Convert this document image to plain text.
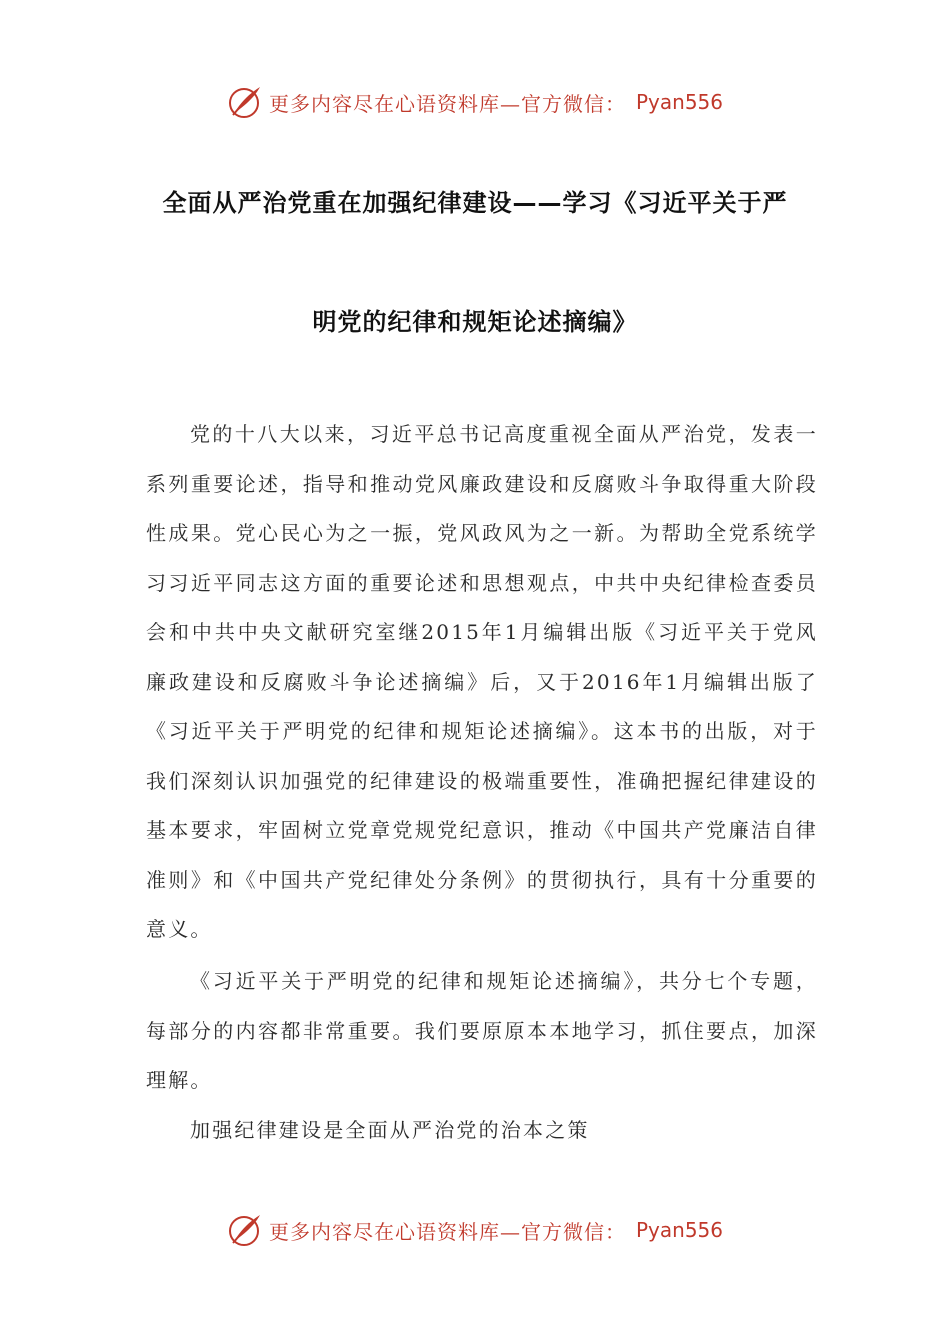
更多内容尽在心语资料库—官方微信： Pyan556
全面从严治党重在加强纪律建设——学习《习近平关于严
明党的纪律和规矩论述摘编》
党的十八大以来，习近平总书记高度重视全面从严治党，发表一系列重要论述，指导和推动党风廉政建设和反腐败斗争取得重大阶段性成果。党心民心为之一振，党风政风为之一新。为帮助全党系统学习习近平同志这方面的重要论述和思想观点，中共中央纪律检查委员会和中共中央文献研究室继2015年1月编辑出版《习近平关于党风廉政建设和反腐败斗争论述摘编》后，又于2016年1月编辑出版了《习近平关于严明党的纪律和规矩论述摘编》。这本书的出版，对于我们深刻认识加强党的纪律建设的极端重要性，准确把握纪律建设的基本要求，牢固树立党章党规党纪意识，推动《中国共产党廉洁自律准则》和《中国共产党纪律处分条例》的贯彻执行，具有十分重要的意义。
《习近平关于严明党的纪律和规矩论述摘编》，共分七个专题，每部分的内容都非常重要。我们要原原本本地学习，抓住要点，加深理解。
加强纪律建设是全面从严治党的治本之策
更多内容尽在心语资料库—官方微信： Pyan556
